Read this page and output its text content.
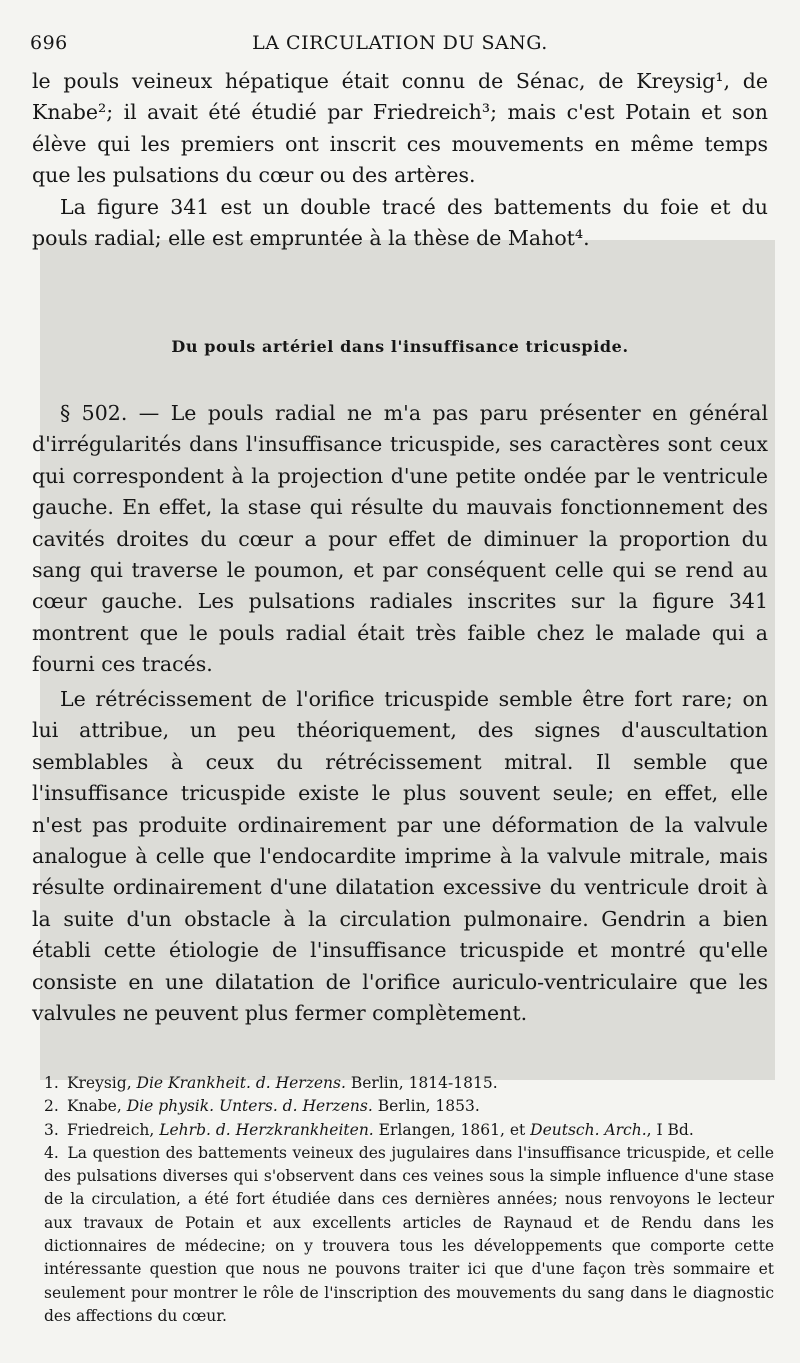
696	LA CIRCULATION DU SANG.

le pouls veineux hépatique était connu de Sénac, de Kreysig¹, de Knabe²; il avait été étudié par Friedreich³; mais c'est Potain et son élève qui les premiers ont inscrit ces mouvements en même temps que les pulsations du cœur ou des artères.

La figure 341 est un double tracé des battements du foie et du pouls radial; elle est empruntée à la thèse de Mahot⁴.

Du pouls artériel dans l'insuffisance tricuspide.

§ 502. — Le pouls radial ne m'a pas paru présenter en général d'irrégularités dans l'insuffisance tricuspide, ses caractères sont ceux qui correspondent à la projection d'une petite ondée par le ventricule gauche. En effet, la stase qui résulte du mauvais fonctionnement des cavités droites du cœur a pour effet de diminuer la proportion du sang qui traverse le poumon, et par conséquent celle qui se rend au cœur gauche. Les pulsations radiales inscrites sur la figure 341 montrent que le pouls radial était très faible chez le malade qui a fourni ces tracés.

Le rétrécissement de l'orifice tricuspide semble être fort rare; on lui attribue, un peu théoriquement, des signes d'auscultation semblables à ceux du rétrécissement mitral. Il semble que l'insuffisance tricuspide existe le plus souvent seule; en effet, elle n'est pas produite ordinairement par une déformation de la valvule analogue à celle que l'endocardite imprime à la valvule mitrale, mais résulte ordinairement d'une dilatation excessive du ventricule droit à la suite d'un obstacle à la circulation pulmonaire. Gendrin a bien établi cette étiologie de l'insuffisance tricuspide et montré qu'elle consiste en une dilatation de l'orifice auriculo-ventriculaire que les valvules ne peuvent plus fermer complètement.

1. Kreysig, Die Krankheit. d. Herzens. Berlin, 1814-1815.
2. Knabe, Die physik. Unters. d. Herzens. Berlin, 1853.
3. Friedreich, Lehrb. d. Herzkrankheiten. Erlangen, 1861, et Deutsch. Arch., I Bd.
4. La question des battements veineux des jugulaires dans l'insuffisance tricuspide, et celle des pulsations diverses qui s'observent dans ces veines sous la simple influence d'une stase de la circulation, a été fort étudiée dans ces dernières années; nous renvoyons le lecteur aux travaux de Potain et aux excellents articles de Raynaud et de Rendu dans les dictionnaires de médecine; on y trouvera tous les développements que comporte cette intéressante question que nous ne pouvons traiter ici que d'une façon très sommaire et seulement pour montrer le rôle de l'inscription des mouvements du sang dans le diagnostic des affections du cœur.
